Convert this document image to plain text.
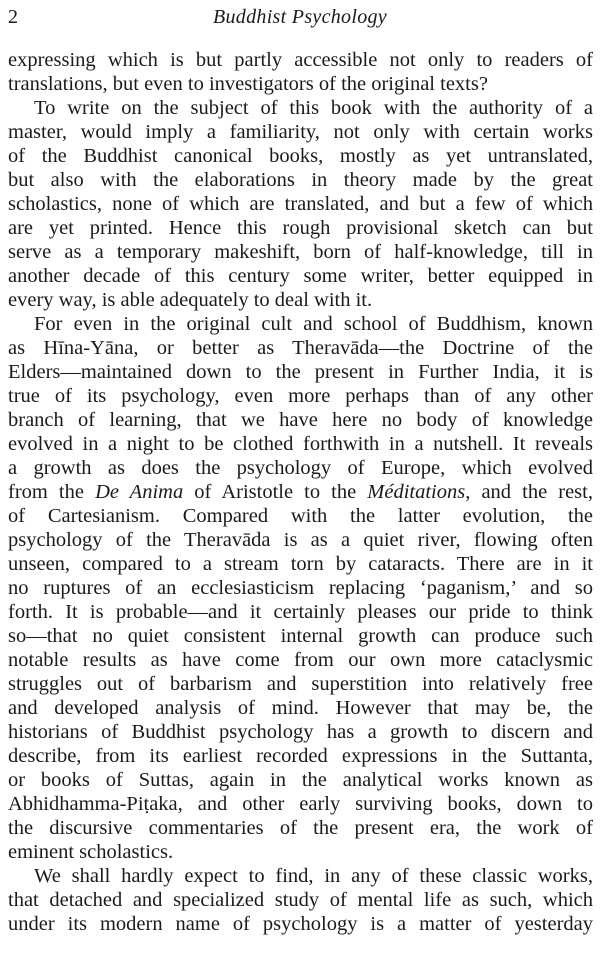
2	Buddhist Psychology
expressing which is but partly accessible not only to readers of
translations, but even to investigators of the original texts?
To write on the subject of this book with the authority of a
master, would imply a familiarity, not only with certain works
of the Buddhist canonical books, mostly as yet untranslated,
but also with the elaborations in theory made by the great
scholastics, none of which are translated, and but a few of which
are yet printed. Hence this rough provisional sketch can but
serve as a temporary makeshift, born of half-knowledge, till in
another decade of this century some writer, better equipped in
every way, is able adequately to deal with it.
For even in the original cult and school of Buddhism, known
as Hīna-Yāna, or better as Theravāda—the Doctrine of the
Elders—maintained down to the present in Further India, it is
true of its psychology, even more perhaps than of any other
branch of learning, that we have here no body of knowledge
evolved in a night to be clothed forthwith in a nutshell. It reveals
a growth as does the psychology of Europe, which evolved
from the De Anima of Aristotle to the Méditations, and the rest,
of Cartesianism. Compared with the latter evolution, the
psychology of the Theravāda is as a quiet river, flowing often
unseen, compared to a stream torn by cataracts. There are in it
no ruptures of an ecclesiasticism replacing ‘paganism,’ and so
forth. It is probable—and it certainly pleases our pride to think
so—that no quiet consistent internal growth can produce such
notable results as have come from our own more cataclysmic
struggles out of barbarism and superstition into relatively free
and developed analysis of mind. However that may be, the
historians of Buddhist psychology has a growth to discern and
describe, from its earliest recorded expressions in the Suttanta,
or books of Suttas, again in the analytical works known as
Abhidhamma-Piṭaka, and other early surviving books, down to
the discursive commentaries of the present era, the work of
eminent scholastics.
We shall hardly expect to find, in any of these classic works,
that detached and specialized study of mental life as such, which
under its modern name of psychology is a matter of yesterday
